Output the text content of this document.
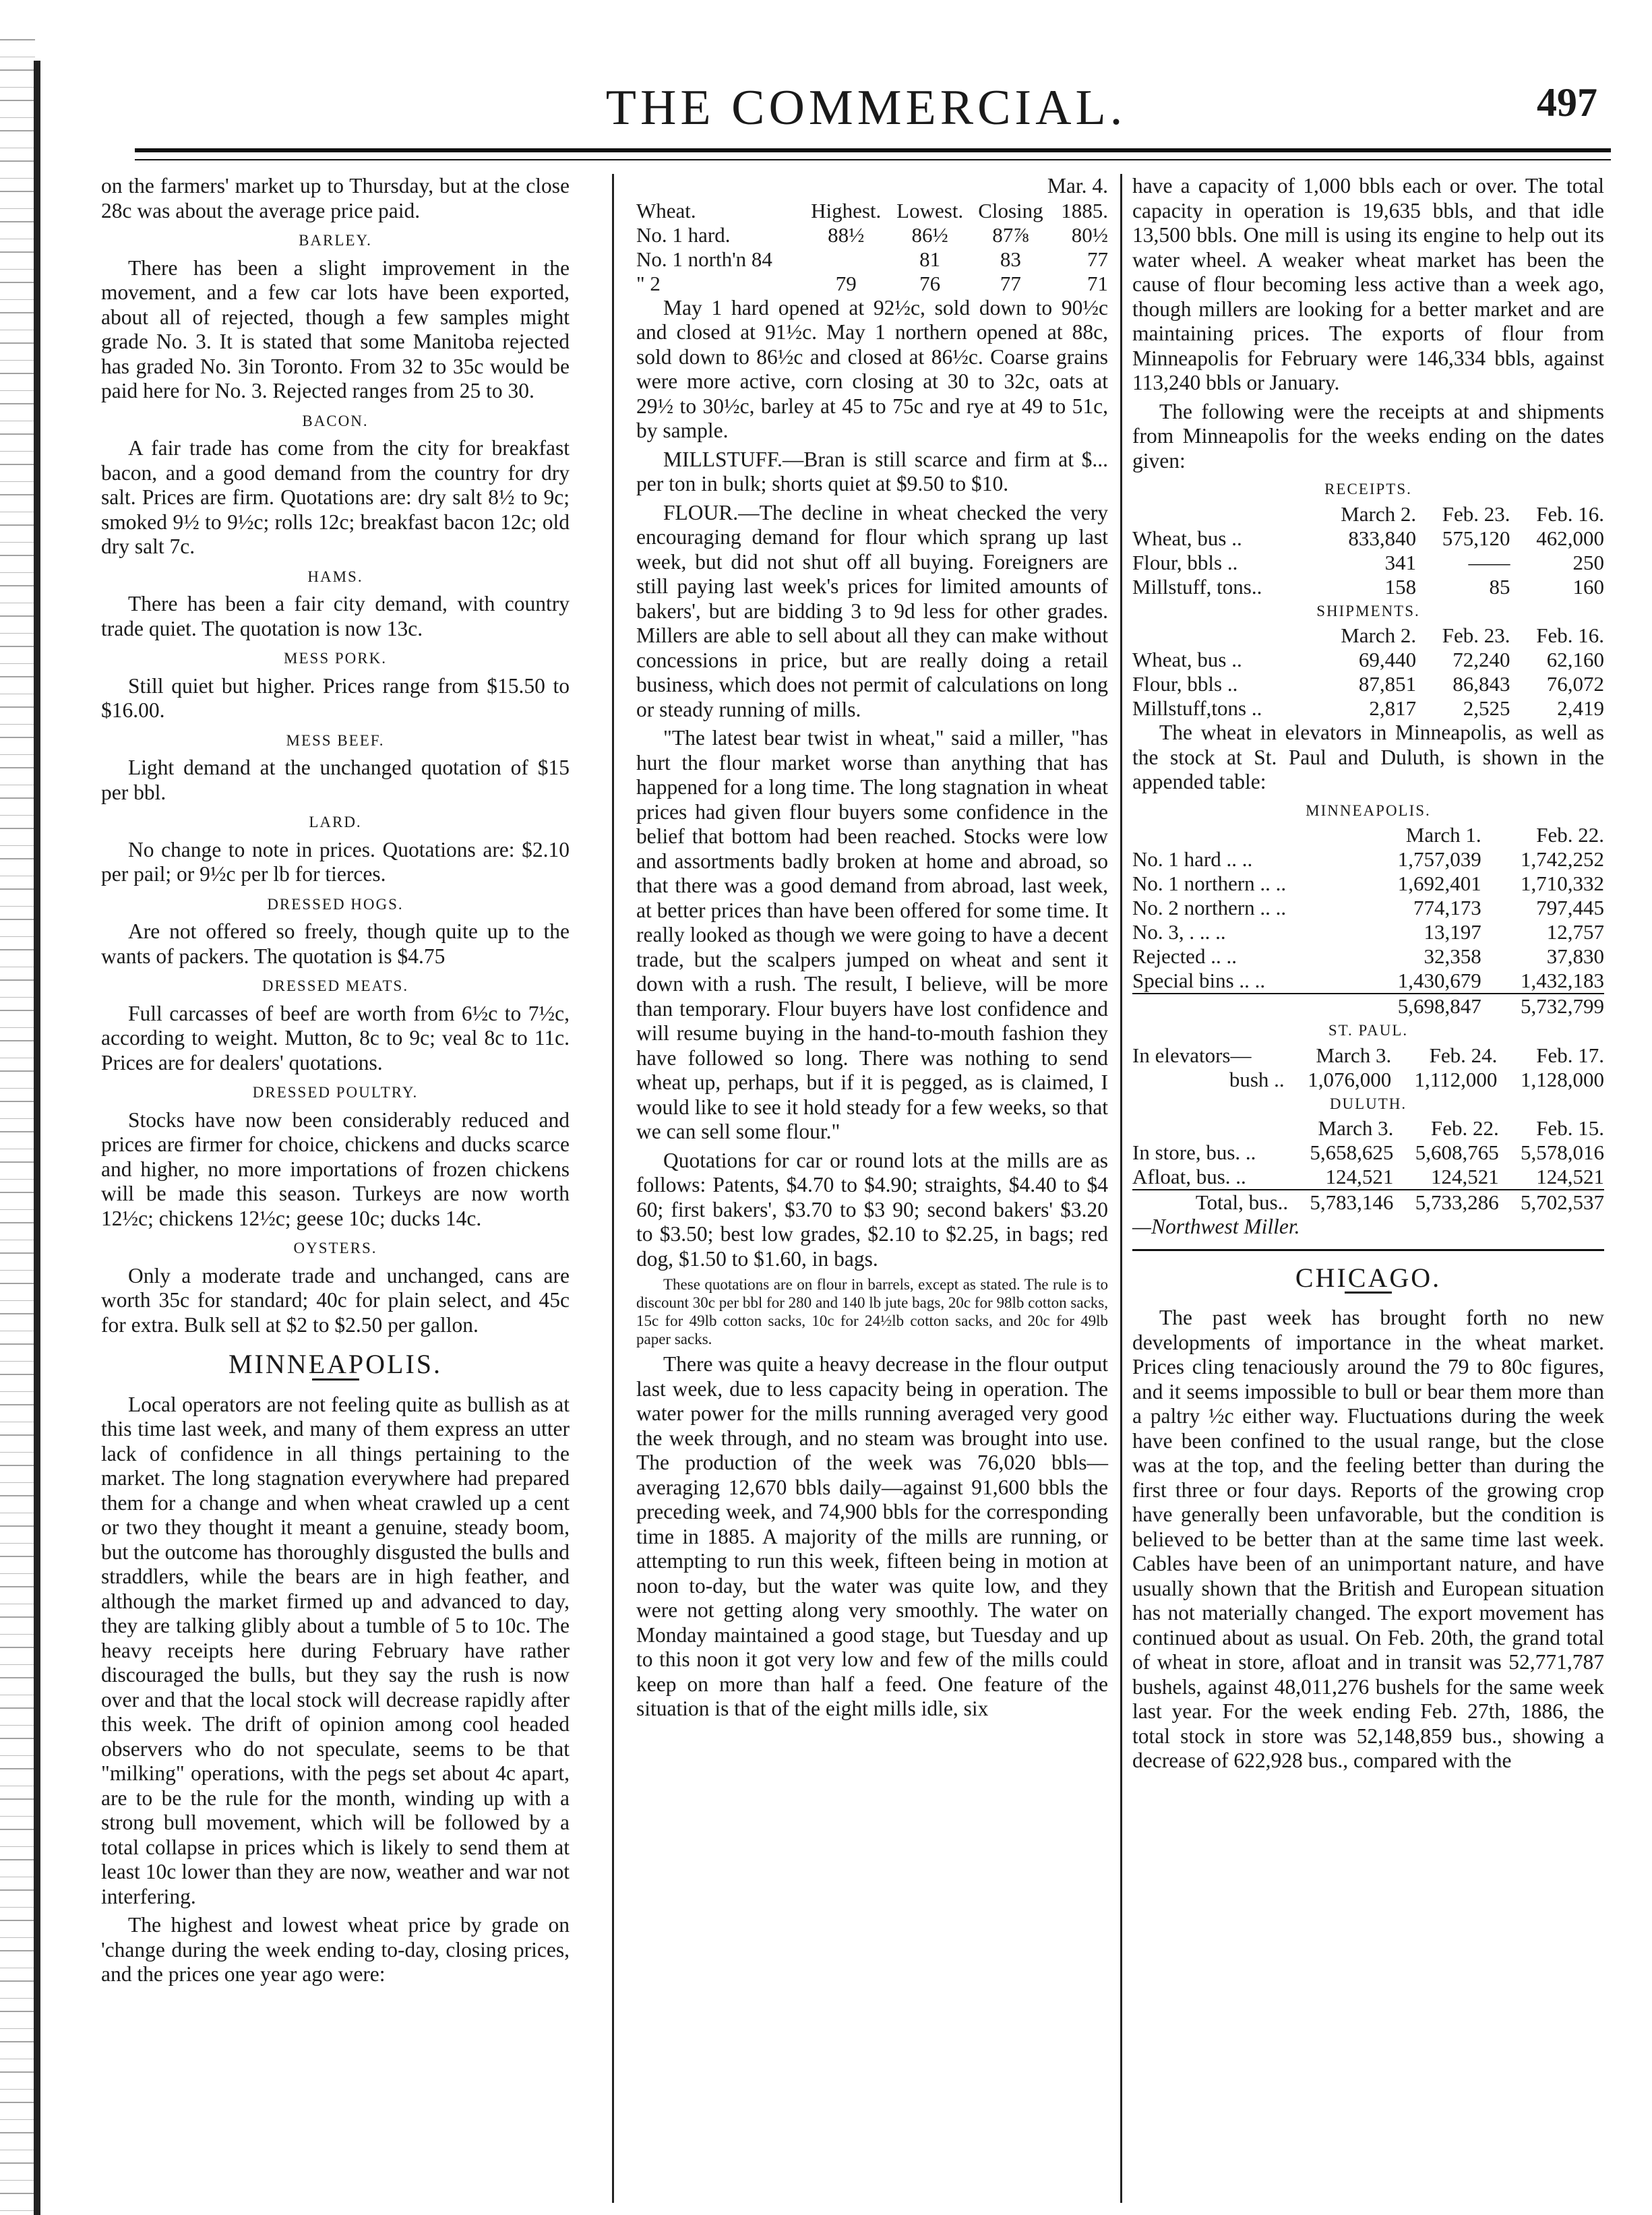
THE COMMERCIAL.	497

on the farmers' market up to Thursday, but at the close 28c was about the average price paid.

BARLEY.

There has been a slight improvement in the movement, and a few car lots have been exported, about all of rejected, though a few samples might grade No. 3. It is stated that some Manitoba rejected has graded No. 3in Toronto. From 32 to 35c would be paid here for No. 3. Rejected ranges from 25 to 30.

BACON.

A fair trade has come from the city for breakfast bacon, and a good demand from the country for dry salt. Prices are firm. Quotations are: dry salt 8½ to 9c; smoked 9½ to 9½c; rolls 12c; breakfast bacon 12c; old dry salt 7c.

HAMS.

There has been a fair city demand, with country trade quiet. The quotation is now 13c.

MESS PORK.

Still quiet but higher. Prices range from $15.50 to $16.00.

MESS BEEF.

Light demand at the unchanged quotation of $15 per bbl.

LARD.

No change to note in prices. Quotations are: $2.10 per pail; or 9½c per lb for tierces.

DRESSED HOGS.

Are not offered so freely, though quite up to the wants of packers. The quotation is $4.75

DRESSED MEATS.

Full carcasses of beef are worth from 6½c to 7½c, according to weight. Mutton, 8c to 9c; veal 8c to 11c. Prices are for dealers' quotations.

DRESSED POULTRY.

Stocks have now been considerably reduced and prices are firmer for choice, chickens and ducks scarce and higher, no more importations of frozen chickens will be made this season. Turkeys are now worth 12½c; chickens 12½c; geese 10c; ducks 14c.

OYSTERS.

Only a moderate trade and unchanged, cans are worth 35c for standard; 40c for plain select, and 45c for extra. Bulk sell at $2 to $2.50 per gallon.

MINNEAPOLIS.

Local operators are not feeling quite as bullish as at this time last week, and many of them express an utter lack of confidence in all things pertaining to the market. The long stagnation everywhere had prepared them for a change and when wheat crawled up a cent or two they thought it meant a genuine, steady boom, but the outcome has thoroughly disgusted the bulls and straddlers, while the bears are in high feather, and although the market firmed up and advanced to day, they are talking glibly about a tumble of 5 to 10c. The heavy receipts here during February have rather discouraged the bulls, but they say the rush is now over and that the local stock will decrease rapidly after this week. The drift of opinion among cool headed observers who do not speculate, seems to be that "milking" operations, with the pegs set about 4c apart, are to be the rule for the month, winding up with a strong bull movement, which will be followed by a total collapse in prices which is likely to send them at least 10c lower than they are now, weather and war not interfering.

The highest and lowest wheat price by grade on 'change during the week ending to-day, closing prices, and the prices one year ago were:

Mar. 4.
Wheat.	Highest.	Lowest.	Closing	1885.
No. 1 hard.	88½	86½	87⅞	80½
No. 1 north'n 84		81	83	77
" 2	79	76	77	71

May 1 hard opened at 92½c, sold down to 90½c and closed at 91½c. May 1 northern opened at 88c, sold down to 86½c and closed at 86½c. Coarse grains were more active, corn closing at 30 to 32c, oats at 29½ to 30½c, barley at 45 to 75c and rye at 49 to 51c, by sample.

MILLSTUFF.—Bran is still scarce and firm at $... per ton in bulk; shorts quiet at $9.50 to $10.

FLOUR.—The decline in wheat checked the very encouraging demand for flour which sprang up last week, but did not shut off all buying. Foreigners are still paying last week's prices for limited amounts of bakers', but are bidding 3 to 9d less for other grades. Millers are able to sell about all they can make without concessions in price, but are really doing a retail business, which does not permit of calculations on long or steady running of mills.

"The latest bear twist in wheat," said a miller, "has hurt the flour market worse than anything that has happened for a long time. The long stagnation in wheat prices had given flour buyers some confidence in the belief that bottom had been reached. Stocks were low and assortments badly broken at home and abroad, so that there was a good demand from abroad, last week, at better prices than have been offered for some time. It really looked as though we were going to have a decent trade, but the scalpers jumped on wheat and sent it down with a rush. The result, I believe, will be more than temporary. Flour buyers have lost confidence and will resume buying in the hand-to-mouth fashion they have followed so long. There was nothing to send wheat up, perhaps, but if it is pegged, as is claimed, I would like to see it hold steady for a few weeks, so that we can sell some flour."

Quotations for car or round lots at the mills are as follows: Patents, $4.70 to $4.90; straights, $4.40 to $4 60; first bakers', $3.70 to $3 90; second bakers' $3.20 to $3.50; best low grades, $2.10 to $2.25, in bags; red dog, $1.50 to $1.60, in bags.

These quotations are on flour in barrels, except as stated. The rule is to discount 30c per bbl for 280 and 140 lb jute bags, 20c for 98lb cotton sacks, 15c for 49lb cotton sacks, 10c for 24½lb cotton sacks, and 20c for 49lb paper sacks.

There was quite a heavy decrease in the flour output last week, due to less capacity being in operation. The water power for the mills running averaged very good the week through, and no steam was brought into use. The production of the week was 76,020 bbls—averaging 12,670 bbls daily—against 91,600 bbls the preceding week, and 74,900 bbls for the corresponding time in 1885. A majority of the mills are running, or attempting to run this week, fifteen being in motion at noon to-day, but the water was quite low, and they were not getting along very smoothly. The water on Monday maintained a good stage, but Tuesday and up to this noon it got very low and few of the mills could keep on more than half a feed. One feature of the situation is that of the eight mills idle, six

have a capacity of 1,000 bbls each or over. The total capacity in operation is 19,635 bbls, and that idle 13,500 bbls. One mill is using its engine to help out its water wheel. A weaker wheat market has been the cause of flour becoming less active than a week ago, though millers are looking for a better market and are maintaining prices. The exports of flour from Minneapolis for February were 146,334 bbls, against 113,240 bbls or January.

The following were the receipts at and shipments from Minneapolis for the weeks ending on the dates given:

RECEIPTS.
	March 2.	Feb. 23.	Feb. 16.
Wheat, bus ..	833,840	575,120	462,000
Flour, bbls ..	341	——	250
Millstuff, tons..	158	85	160
SHIPMENTS.
	March 2.	Feb. 23.	Feb. 16.
Wheat, bus ..	69,440	72,240	62,160
Flour, bbls ..	87,851	86,843	76,072
Millstuff,tons ..	2,817	2,525	2,419

The wheat in elevators in Minneapolis, as well as the stock at St. Paul and Duluth, is shown in the appended table:

MINNEAPOLIS.
	March 1.	Feb. 22.
No. 1 hard .. ..	1,757,039	1,742,252
No. 1 northern .. ..	1,692,401	1,710,332
No. 2 northern .. ..	774,173	797,445
No. 3, . .. ..	13,197	12,757
Rejected .. ..	32,358	37,830
Special bins .. ..	1,430,679	1,432,183
	5,698,847	5,732,799
ST. PAUL.
In elevators—	March 3.	Feb. 24.	Feb. 17.
bush ..	1,076,000	1,112,000	1,128,000
DULUTH.
	March 3.	Feb. 22.	Feb. 15.
In store, bus. ..	5,658,625	5,608,765	5,578,016
Afloat, bus. ..	124,521	124,521	124,521
Total, bus..	5,783,146	5,733,286	5,702,537
—Northwest Miller.
CHICAGO.

The past week has brought forth no new developments of importance in the wheat market. Prices cling tenaciously around the 79 to 80c figures, and it seems impossible to bull or bear them more than a paltry ½c either way. Fluctuations during the week have been confined to the usual range, but the close was at the top, and the feeling better than during the first three or four days. Reports of the growing crop have generally been unfavorable, but the condition is believed to be better than at the same time last week. Cables have been of an unimportant nature, and have usually shown that the British and European situation has not materially changed. The export movement has continued about as usual. On Feb. 20th, the grand total of wheat in store, afloat and in transit was 52,771,787 bushels, against 48,011,276 bushels for the same week last year. For the week ending Feb. 27th, 1886, the total stock in store was 52,148,859 bus., showing a decrease of 622,928 bus., compared with the
